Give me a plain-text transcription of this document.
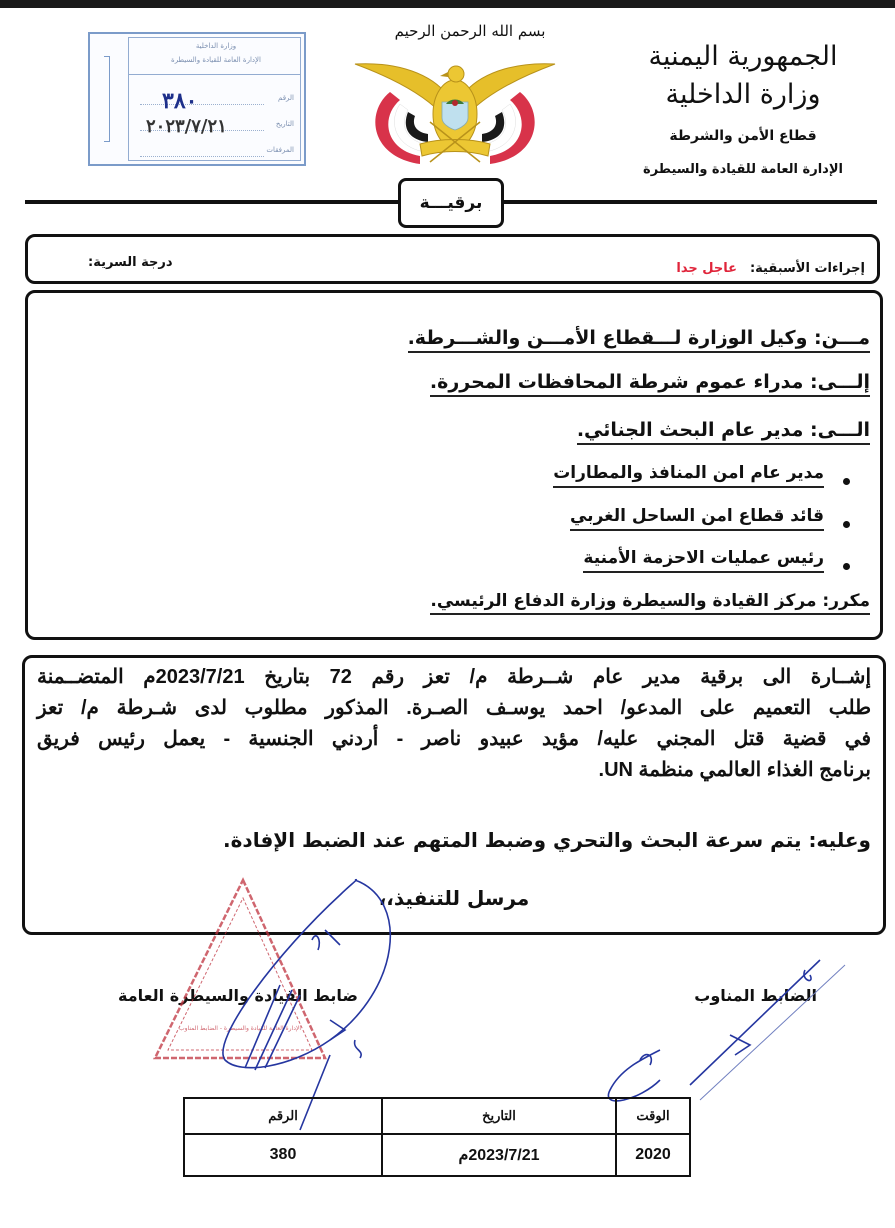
الجمهورية اليمنية
وزارة الداخلية
قطاع الأمن والشرطة
الإدارة العامة للقيادة والسيطرة
بسم الله الرحمن الرحيم
وزارة الداخلية
الإدارة العامة للقيادة والسيطرة
الرقم
التاريخ
المرفقات
٣٨٠
٢٠٢٣/٧/٢١
برقيـــة
إجراءات الأسبقية:
عاجل جدا
درجة السرية:
مـــن: وكيل الوزارة لـــقطاع الأمـــن والشـــرطة.
إلـــى: مدراء عموم شرطة المحافظات المحررة.
الـــى: مدير عام البحث الجنائي.
مدير عام امن المنافذ والمطارات
قائد قطاع امن الساحل الغربي
رئيس عمليات الاحزمة الأمنية
مكرر: مركز القيادة والسيطرة وزارة الدفاع الرئيسي.
إشــارة الى برقية مدير عام شــرطة م/ تعز رقم 72 بتاريخ 2023/7/21م المتضــمنة
طلب التعميم على المدعو/ احمد يوسـف الصـرة. المذكور مطلوب لدى شـرطة م/ تعز
في قضية قتل المجني عليه/ مؤيد عبيدو ناصر - أردني الجنسية - يعمل رئيس فريق
برنامج الغذاء العالمي منظمة UN.
وعليه: يتم سرعة البحث والتحري وضبط المتهم عند الضبط الإفادة.
مرسل للتنفيذ،،
ضابط القيادة والسيطرة العامة	الضابط المناوب
الإدارة العامة للقيادة والسيطرة - الضابط المناوب
الوقت	التاريخ	الرقم
2020	2023/7/21م	380
